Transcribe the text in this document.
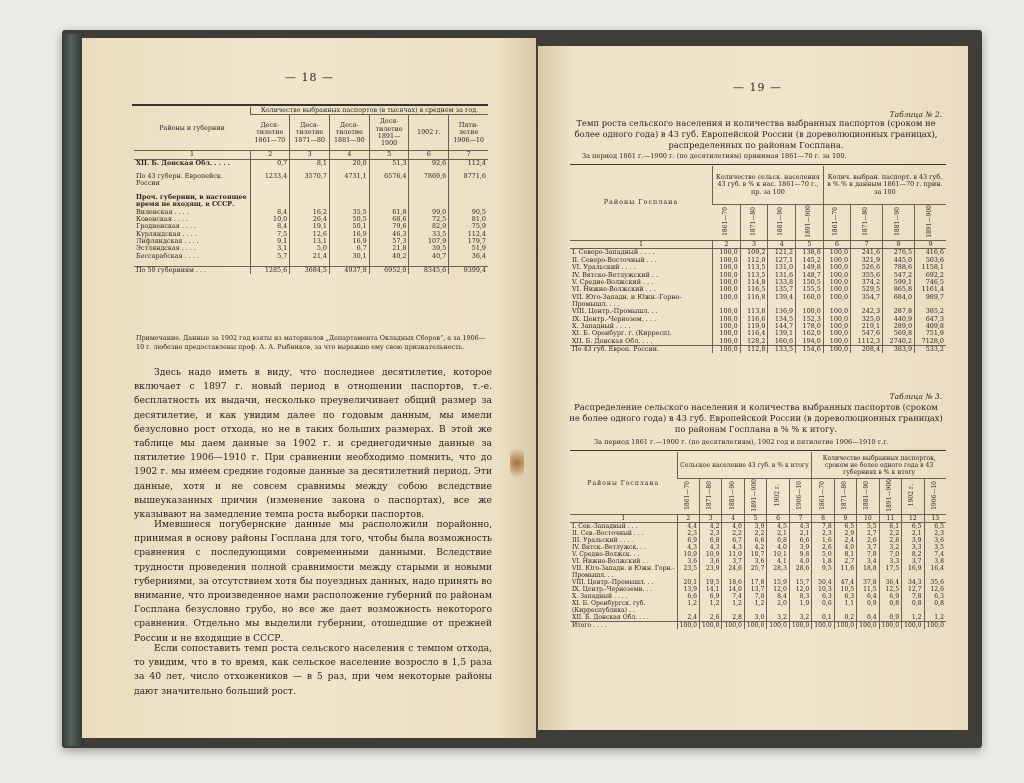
— 18 —
Районы и губернии	Количество выбранных паспортов (в тысячах) в среднем за год.					

	Деся-тилетие 1861—70	Деся-тилетие 1871—80	Деся-тилетие 1881—90	Деся-тилетие 1891—1900	1902 г.	Пяти-летие 1906—10

1	2	3	4	5	6	7
XII. Б. Донская Обл. . . . .	0,7	8,1	20,0	51,3	92,6	112,4
По 43 губерн. Европейск. России	1233,4	3570,7	4731,1	6576,4	7869,6	8771,6
Проч. губернии, в настоящее время не входящ. в СССР.						
Виленская . . . .	8,4	16,2	35,5	61,8	99,0	90,5
Ковенская . . . .	10,0	26,4	50,5	68,6	72,5	81,0
Гродненская . . . .	8,4	19,1	50,1	79,6	82,9	75,9
Курляндская . . . .	7,5	12,6	16,9	46,3	33,5	112,4
Лифляндская . . . .	9,1	13,1	16,9	57,3	107,9	179,7
Эстляндская . . . .	3,1	5,0	6,7	21,8	39,5	51,9
Бессарабская . . . .	5,7	21,4	30,1	40,2	40,7	36,4
По 50 губерниям . . .	1285,6	3684,5	4937,8	6952,0	8345,6	9399,4
Примечание. Данные за 1902 год взяты из материалов „Департамента Окладных Сборов“, а за 1906—10 г. любезно предоставлены проф. А. А. Рыбников, за что выражаю ему свою признательность.
Здесь надо иметь в виду, что последнее десятилетие, которое включает с 1897 г. новый период в отношении паспортов, т.-е. бесплатность их выдачи, несколько преувеличивает общий размер за десятилетие, и как увидим далее по годовым данным, мы имели безусловно рост отхода, но не в таких больших размерах. В этой же таблице мы даем данные за 1902 г. и среднегодичные данные за пятилетие 1906—1910 г. При сравнении необходимо помнить, что до 1902 г. мы имеем средние годовые данные за десятилетний период. Эти данные, хотя и не совсем сравнимы между собою вследствие вышеуказанных причин (изменение закона о паспортах), все же указывают на замедление темпа роста выборки паспортов.
Имевшиеся погубернские данные мы расположили порайонно, принимая в основу районы Госплана для того, чтобы была возможность сравнения с последующими современными данными. Вследствие трудности проведения полной сравнимости между старыми и новыми губерниями, за отсутствием хотя бы поуездных данных, надо принять во внимание, что произведенное нами расположение губерний по районам Госплана безусловно грубо, но все же дает возможность некоторого сравнения. Отдельно мы выделили губернии, отошедшие от прежней России и не входящие в СССР.
Если сопоставить темп роста сельского населения с темпом отхода, то увидим, что в то время, как сельское население возросло в 1,5 раза за 40 лет, число отхожеников — в 5 раз, при чем некоторые районы дают значительно больший рост.
— 19 —
Таблица № 2.
Темп роста сельского населения и количества выбранных паспортов (сроком не более одного года) в 43 губ. Европейской России (в дореволюционных границах), распределенных по районам Госплана.
За период 1861 г.—1900 г. (по десятилетиям) принимая 1861—70 г. за 100.
Районы Госплана	Количество сельск. населения 43 губ. в % к нас. 1861—70 г., пр. за 100				Колич. выбран. паспорт. в 43 губ. в % % к данным 1861—70 г. прин. за 100			
	1861—70	1871—80	1881—90	1891—900	1861—70	1871—80	1881—90	1891—900
1	2	3	4	5	6	7	8	9
I. Северо-Западный . . . .	100,0	109,2	121,2	138,8	100,0	241,6	276,5	416,6
II. Северо-Восточный . . .	100,0	112,0	127,1	145,2	100,0	321,9	445,0	503,6
VI. Уральский . . . .	100,0	113,5	131,0	149,8	100,0	526,6	788,6	1158,1
IV. Вятско-Ветлужский . .	100,0	113,5	131,6	148,7	100,0	355,6	547,2	692,2
V. Средне-Волжский . . .	100,0	114,8	133,8	150,5	100,0	374,2	599,1	746,5
VI. Нижне-Волжский . . .	100,0	116,5	135,7	155,5	100,0	529,5	865,8	1161,4
VII. Юго-Западн. и Южн.-Горно-Промышл. . . .	100,0	116,8	139,4	160,0	100,0	354,7	684,0	989,7
VIII. Центр.-Промышл. . .	100,0	113,8	136,9	100,0	100,0	242,3	287,8	385,2
IX. Центр.-Чернозем. . . .	100,0	116,6	134,5	152,3	100,0	325,0	440,9	647,3
X. Западный . . . .	100,0	119,0	144,7	178,0	100,0	219,1	289,0	409,8
XI. Б. Оренбург. г. (Кирресп).	100,0	116,4	139,1	162,0	100,0	547,6	569,8	751,9
XII. Б. Донская Обл. . . .	100,0	128,2	160,6	194,0	100,0	1112,3	2740,2	7128,0
По 43 губ. Европ. России.	100,0	112,8	133,5	154,6	100,0	208,4	383,9	533,2
Таблица № 3.
Распределение сельского населения и количества выбранных паспортов (сроком не более одного года) в 43 губ. Европейской России (в дореволюционных границах) по районам Госплана в % % к итогу.
За период 1861 г.—1900 г. (по десятилетиям), 1902 год и пятилетие 1906—1910 г.г.
Районы Госплана	Сельское население 43 губ. в % к итогу						Количество выбранных паспортов, сроком не более одного года в 43 губерниях в % к итогу					
	1861—70	1871—80	1881—90	1891—900	1902 г.	1906—10	1861—70	1871—80	1881—90	1891—900	1902 г.	1906—10
1	2	3	4	5	6	7	8	9	10	11	12	13
I. Сев.-Западный . . .	4,4	4,2	4,0	3,9	4,5	4,3	7,8	6,5	5,5	6,1	6,5	6,5
II. Сев.-Восточный . . .	2,3	2,3	2,2	2,2	2,1	2,1	2,3	2,9	2,7	2,2	2,1	2,3
III. Уральский . . . .	6,9	6,8	6,7	6,6	6,8	6,6	1,6	2,4	2,6	2,8	3,9	3,6
IV. Вятск.-Ветлужск. . .	4,3	4,3	4,3	4,2	4,0	3,9	2,6	4,0	3,7	3,2	3,3	3,5
V. Средне-Волжск. . .	10,9	10,9	11,0	10,7	10,1	9,8	5,0	8,1	7,8	7,0	8,2	7,4
VI. Нижне-Волжский . .	3,6	3,6	3,7	3,6	4,1	4,0	1,8	2,7	3,4	3,3	3,7	3,8
VII. Юго-Западн. и Южн. Горн.-Промышл. . .	23,5	23,9	24,6	25,7	28,3	28,6	9,5	11,6	18,8	17,5	16,9	16,4
VIII. Центр.-Промышл. . .	20,1	19,5	18,6	17,8	15,9	15,7	50,4	47,4	37,8	36,4	34,3	35,6
IX. Центр.-Черноземн. . .	13,9	14,1	14,0	13,7	12,0	12,0	10,3	10,5	11,5	12,5	12,7	12,6
X. Западный . . . .	6,6	6,9	7,4	7,0	8,4	8,3	6,3	6,3	6,4	6,9	7,8	6,3
XI. Б. Оренбургск. губ. (Кирреспублика) . .	1,2	1,2	1,2	1,2	2,0	1,9	0,6	1,1	0,9	0,8	0,8	0,8
XII. Б. Донская Обл. . . .	2,4	2,6	2,8	3,0	3,2	3,2	0,1	0,2	0,4	0,9	1,2	1,2
Итого . . . .	100,0	100,0	100,0	100,0	100,0	100,0	100,0	100,0	100,0	100,0	100,0	100,0
